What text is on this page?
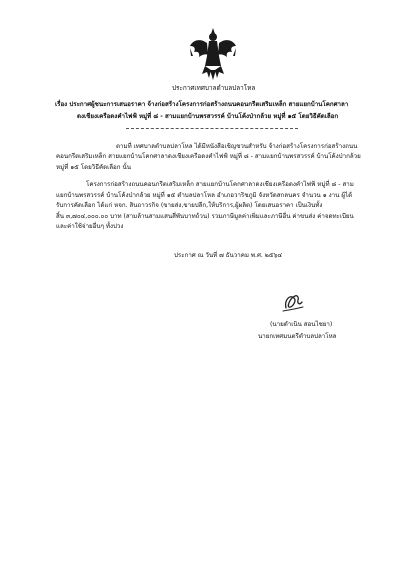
ประกาศเทศบาลตำบลปลาโหล
เรื่อง ประกาศผู้ชนะการเสนอราคา จ้างก่อสร้างโครงการก่อสร้างถนนคอนกรีตเสริมเหล็ก สายแยกบ้านโคกศาลา
ดงเชียงเครือดงคำไฟฟ้ หมู่ที่ ๘ - สามแยกบ้านพรสวรรค์ บ้านโค้งป่ากล้วย หมู่ที่ ๑๕ โดยวิธีคัดเลือก
ตามที่ เทศบาลตำบลปลาโหล ได้มีหนังสือเชิญชวนสำหรับ จ้างก่อสร้างโครงการก่อสร้างถนน
คอนกรีตเสริมเหล็ก สายแยกบ้านโคกศาลาดงเชียงเครือดงคำไฟฟ้ หมู่ที่ ๘ - สามแยกบ้านพรสวรรค์ บ้านโค้งป่ากล้วย
หมู่ที่ ๑๕ โดยวิธีคัดเลือก นั้น
โครงการก่อสร้างถนนคอนกรีตเสริมเหล็ก สายแยกบ้านโคกศาลาดงเชียงเครือดงคำไฟฟ้ หมู่ที่ ๘ - สาม
แยกบ้านพรสวรรค์ บ้านโค้งป่ากล้วย หมู่ที่ ๑๕ ตำบลปลาโหล อำเภอวาริชภูมิ จังหวัดสกลนคร จำนวน ๑ งาน ผู้ได้
รับการคัดเลือก ได้แก่ หจก. สินถาวรกิจ (ขายส่ง,ขายปลีก,ให้บริการ,ผู้ผลิต) โดยเสนอราคา เป็นเงินทั้ง
สิ้น ๓,๗๐๔,๐๐๐.๐๐ บาท (สามล้านสามแสนสี่พันบาทถ้วน) รวมภาษีมูลค่าเพิ่มและภาษีอื่น ค่าขนส่ง ค่าจดทะเบียน
และค่าใช้จ่ายอื่นๆ ทั้งปวง
ประกาศ ณ วันที่ ๗ ธันวาคม พ.ศ. ๒๕๖๔
(นายดำเนิน สอนไชยา)
นายกเทศมนตรีตำบลปลาโหล
